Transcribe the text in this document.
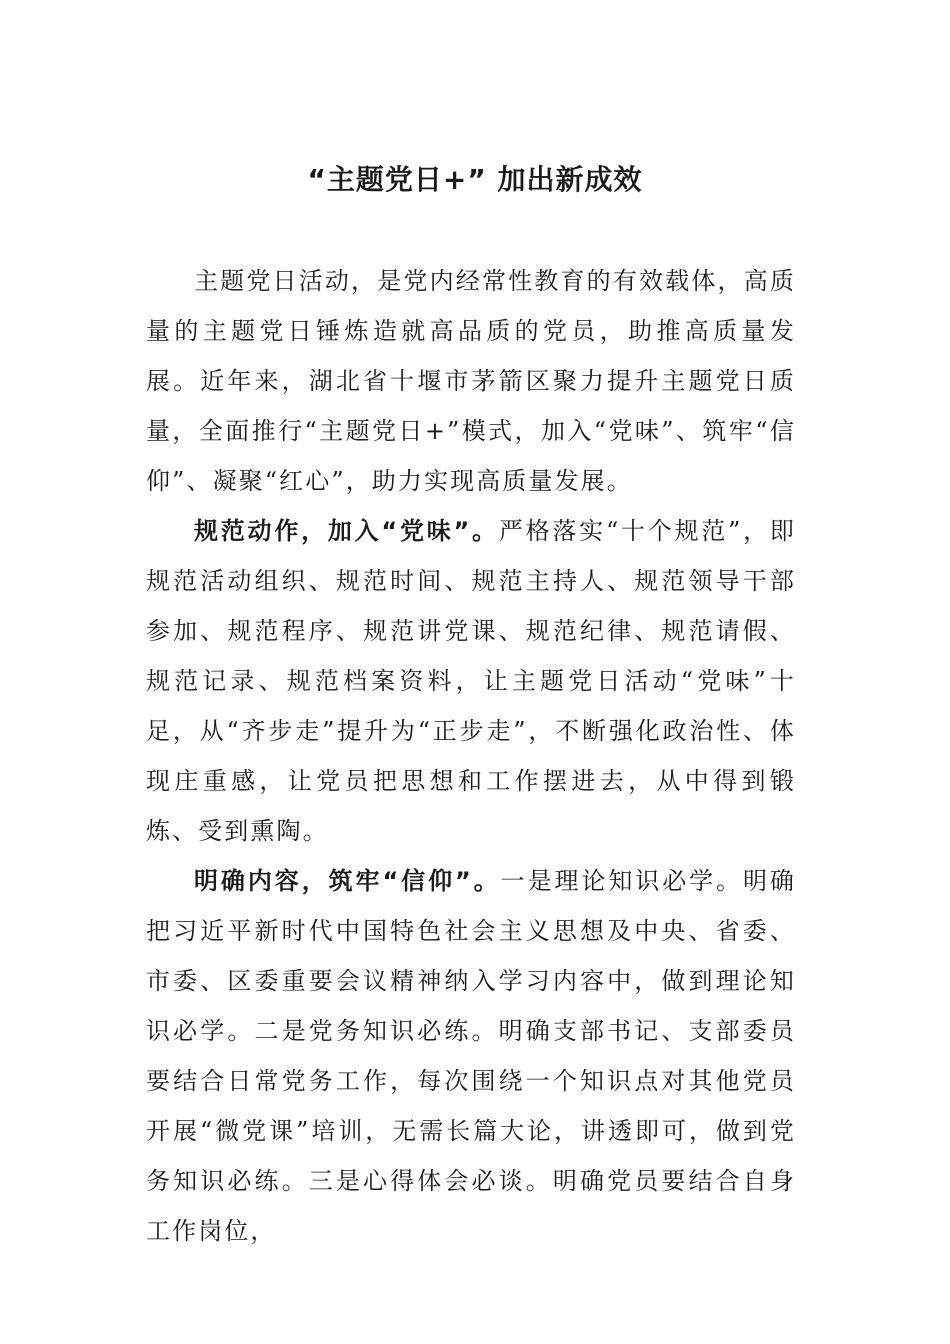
“主题党日+” 加出新成效

主题党日活动，是党内经常性教育的有效载体，高质量的主题党日锤炼造就高品质的党员，助推高质量发展。近年来，湖北省十堰市茅箭区聚力提升主题党日质量，全面推行“主题党日+”模式，加入“党味”、筑牢“信仰”、凝聚“红心”，助力实现高质量发展。

规范动作，加入“党味”。严格落实“十个规范”，即规范活动组织、规范时间、规范主持人、规范领导干部参加、规范程序、规范讲党课、规范纪律、规范请假、规范记录、规范档案资料，让主题党日活动“党味”十足，从“齐步走”提升为“正步走”，不断强化政治性、体现庄重感，让党员把思想和工作摆进去，从中得到锻炼、受到熏陶。

明确内容，筑牢“信仰”。一是理论知识必学。明确把习近平新时代中国特色社会主义思想及中央、省委、市委、区委重要会议精神纳入学习内容中，做到理论知识必学。二是党务知识必练。明确支部书记、支部委员要结合日常党务工作，每次围绕一个知识点对其他党员开展“微党课”培训，无需长篇大论，讲透即可，做到党务知识必练。三是心得体会必谈。明确党员要结合自身工作岗位，
